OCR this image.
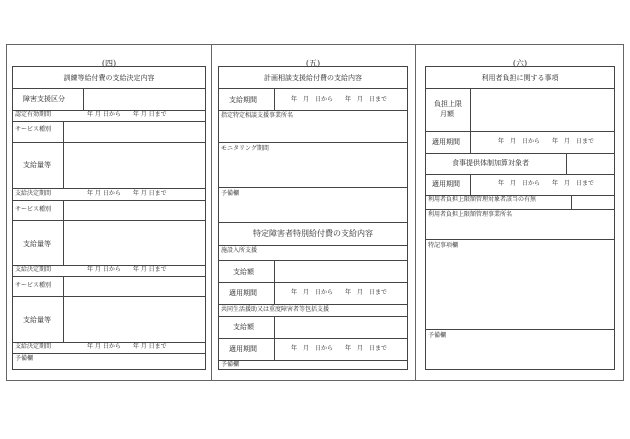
(四)
訓練等給付費の支給決定内容
障害支援区分
認定有効期間	年 月 日から　　年 月 日まで
サービス種別
支給量等
支給決定期間	年 月 日から　　年 月 日まで
サービス種別
支給量等
支給決定期間	年 月 日から　　年 月 日まで
サービス種別
支給量等
支給決定期間	年 月 日から　　年 月 日まで
予備欄
(五)
計画相談支援給付費の支給内容
支給期間	年　月　日から　　年　月　日まで
指定特定相談支援事業所名
モニタリング期間
予備欄
特定障害者特別給付費の支給内容
施設入所支援
支給額
適用期間	年　月　日から　　年　月　日まで
共同生活援助又は重度障害者等包括支援
支給額
適用期間	年　月　日から　　年　月　日まで
予備欄
(六)
利用者負担に関する事項
負担上限
月額
適用期間	年　月　日から　　年　月　日まで
食事提供体制加算対象者
適用期間	年　月　日から　　年　月　日まで
利用者負担上限額管理対象者該当の有無
利用者負担上限額管理事業所名
特記事項欄
予備欄
